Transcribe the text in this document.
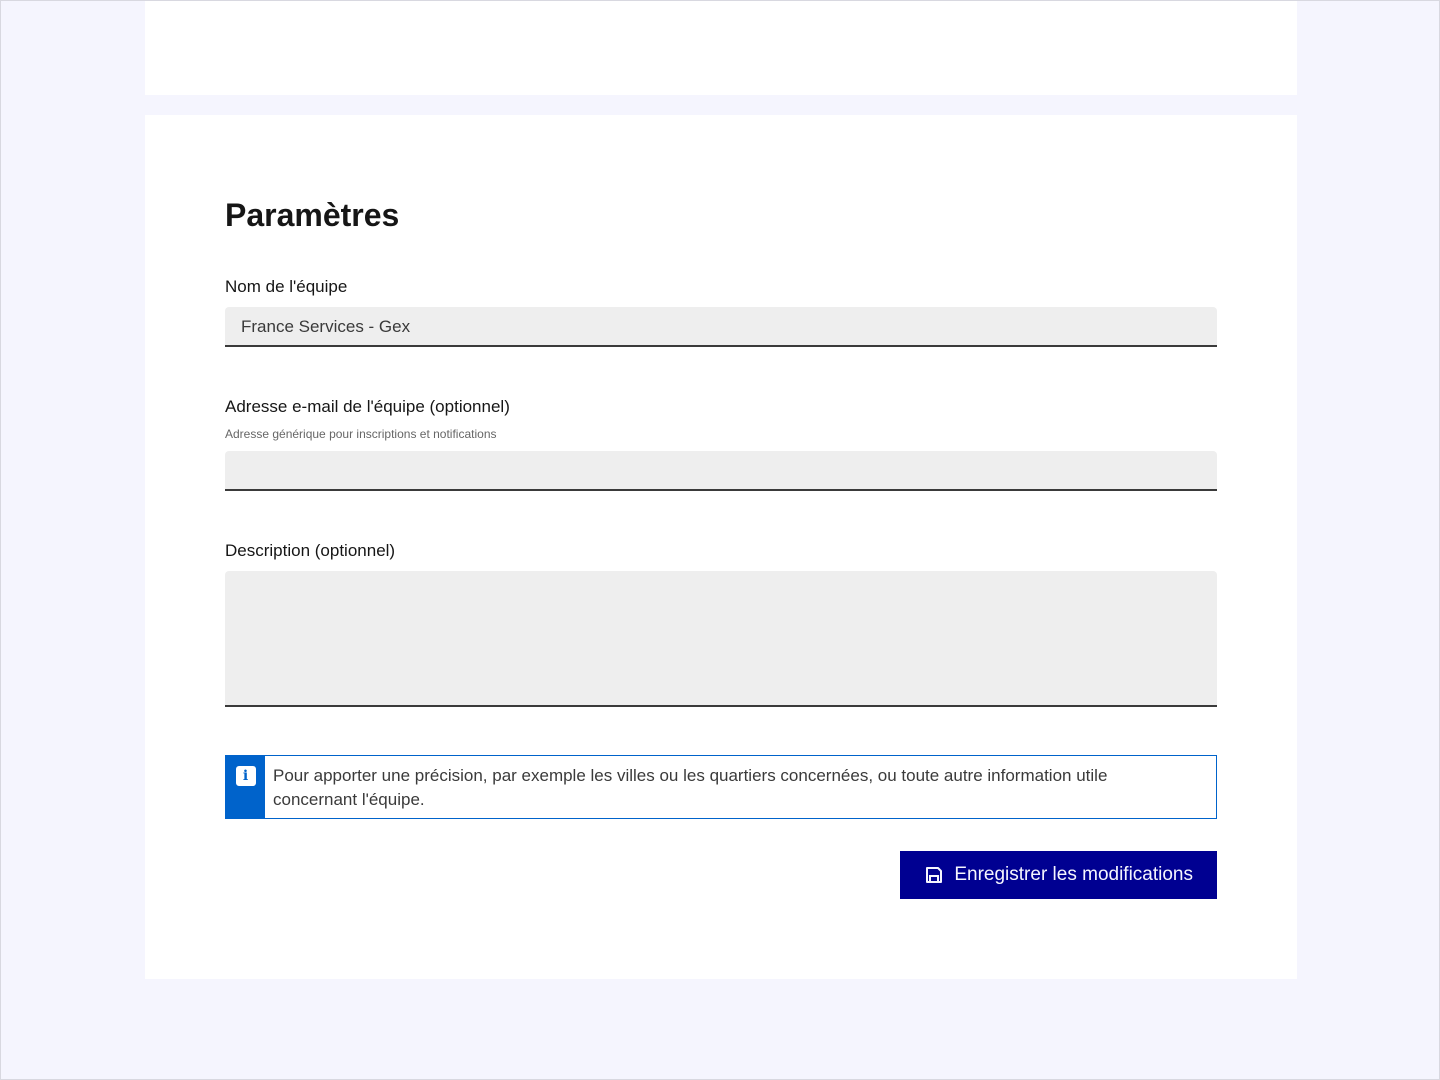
Paramètres
Nom de l'équipe
France Services - Gex
Adresse e-mail de l'équipe (optionnel)
Adresse générique pour inscriptions et notifications
Description (optionnel)
i	Pour apporter une précision, par exemple les villes ou les quartiers concernées, ou toute autre information utile concernant l'équipe.
Enregistrer les modifications
